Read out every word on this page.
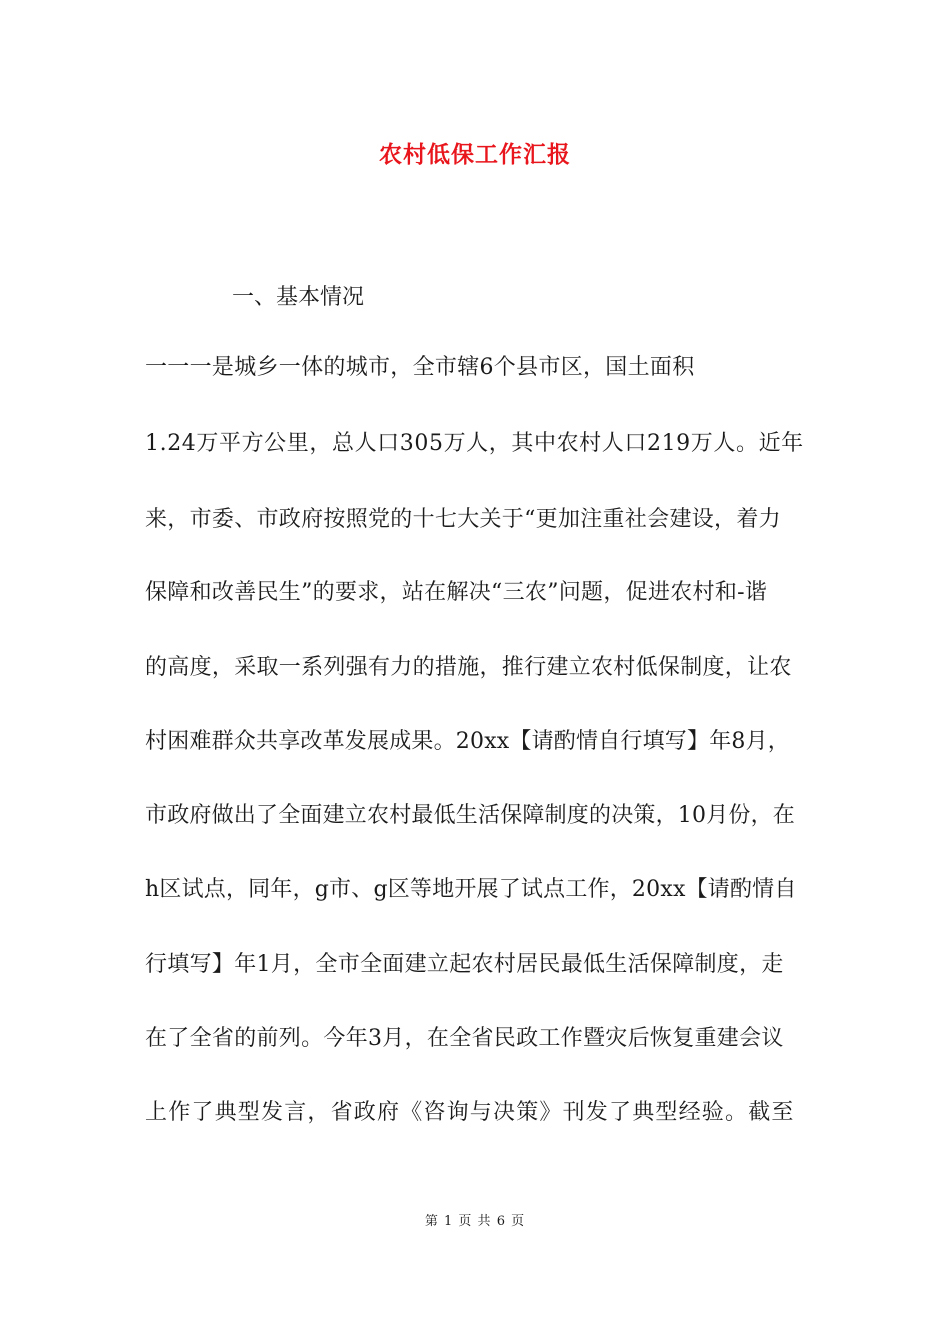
农村低保工作汇报
一、基本情况
一一一是城乡一体的城市，全市辖6个县市区，国土面积
1.24万平方公里，总人口305万人，其中农村人口219万人。近年
来，市委、市政府按照党的十七大关于“更加注重社会建设，着力
保障和改善民生”的要求，站在解决“三农”问题，促进农村和-谐
的高度，采取一系列强有力的措施，推行建立农村低保制度，让农
村困难群众共享改革发展成果。20xx【请酌情自行填写】年8月，
市政府做出了全面建立农村最低生活保障制度的决策，10月份，在
h区试点，同年，g市、g区等地开展了试点工作，20xx【请酌情自
行填写】年1月，全市全面建立起农村居民最低生活保障制度，走
在了全省的前列。今年3月，在全省民政工作暨灾后恢复重建会议
上作了典型发言，省政府《咨询与决策》刊发了典型经验。截至
第 1 页 共 6 页
